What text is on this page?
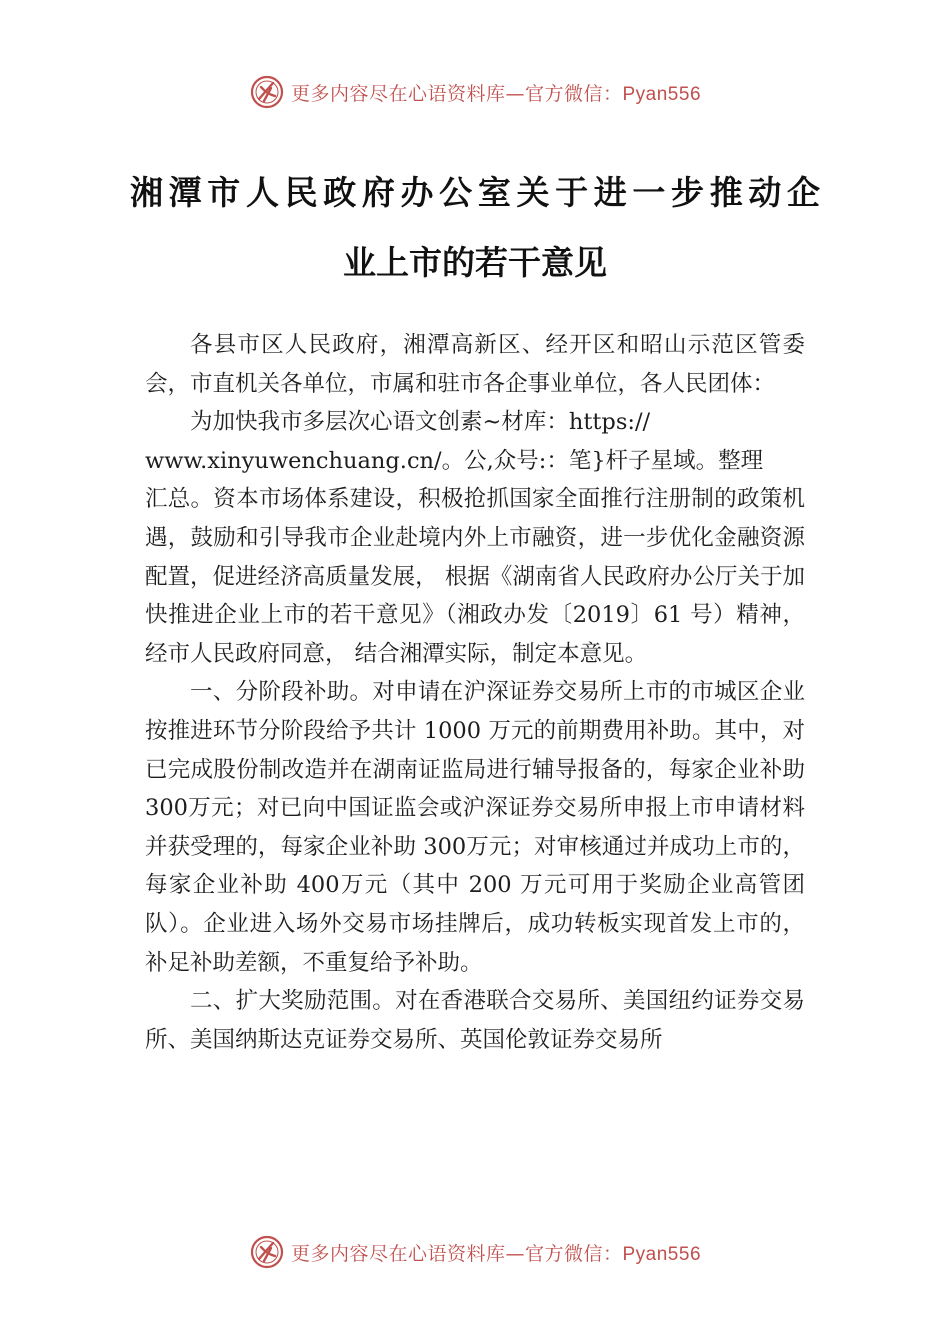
更多内容尽在心语资料库—官方微信：Pyan556
湘潭市人民政府办公室关于进一步推动企
业上市的若干意见

各县市区人民政府，湘潭高新区、经开区和昭山示范区管委会，市直机关各单位，市属和驻市各企事业单位，各人民团体：

为加快我市多层次心语文创素~材库：https://
www.xinyuwenchuang.cn/。公,众号:：笔}杆子星域。整理
汇总。资本市场体系建设，积极抢抓国家全面推行注册制的政策机遇，鼓励和引导我市企业赴境内外上市融资，进一步优化金融资源配置，促进经济高质量发展， 根据《湖南省人民政府办公厅关于加快推进企业上市的若干意见》（湘政办发〔2019〕61 号）精神，经市人民政府同意， 结合湘潭实际，制定本意见。

一、分阶段补助。对申请在沪深证券交易所上市的市城区企业按推进环节分阶段给予共计 1000 万元的前期费用补助。其中，对已完成股份制改造并在湖南证监局进行辅导报备的，每家企业补助 300万元；对已向中国证监会或沪深证券交易所申报上市申请材料并获受理的，每家企业补助 300万元；对审核通过并成功上市的，每家企业补助 400万元（其中 200 万元可用于奖励企业高管团队）。企业进入场外交易市场挂牌后，成功转板实现首发上市的，补足补助差额，不重复给予补助。

二、扩大奖励范围。对在香港联合交易所、美国纽约证券交易所、美国纳斯达克证券交易所、英国伦敦证券交易所

更多内容尽在心语资料库—官方微信：Pyan556
